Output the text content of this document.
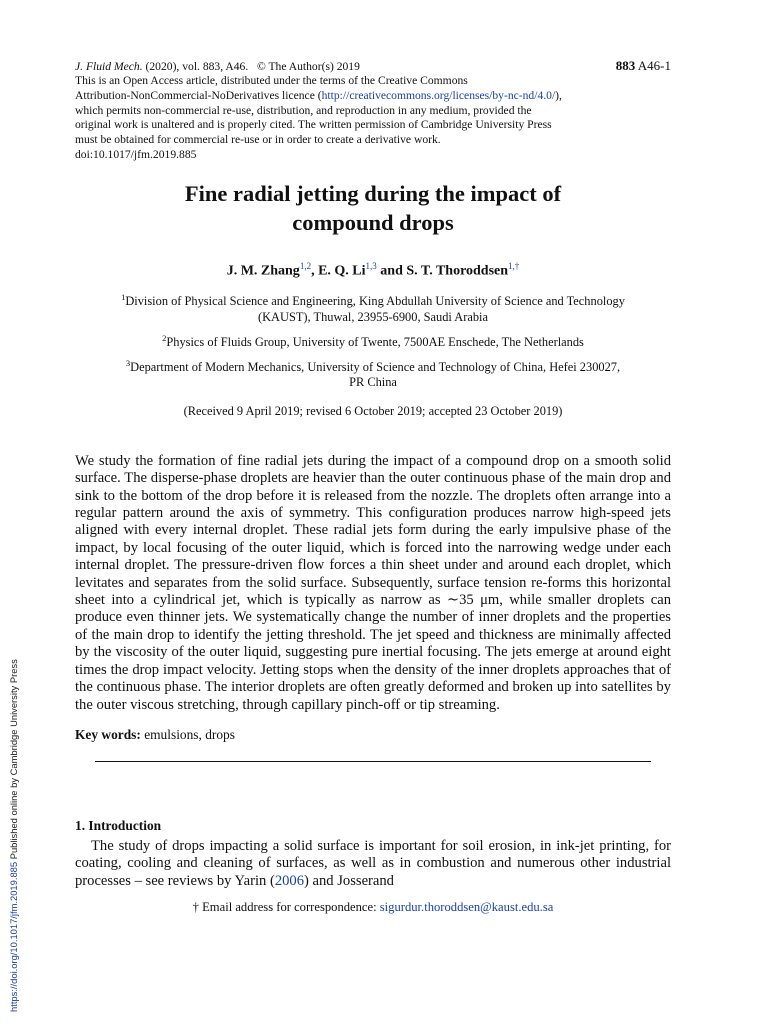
J. Fluid Mech. (2020), vol. 883, A46. © The Author(s) 2019	883 A46-1
This is an Open Access article, distributed under the terms of the Creative Commons
Attribution-NonCommercial-NoDerivatives licence (http://creativecommons.org/licenses/by-nc-nd/4.0/),
which permits non-commercial re-use, distribution, and reproduction in any medium, provided the
original work is unaltered and is properly cited. The written permission of Cambridge University Press
must be obtained for commercial re-use or in order to create a derivative work.
doi:10.1017/jfm.2019.885
Fine radial jetting during the impact of
compound drops
J. M. Zhang$^{1,2}$, E. Q. Li$^{1,3}$ and S. T. Thoroddsen$^{1,\dagger}$
$^1$Division of Physical Science and Engineering, King Abdullah University of Science and Technology
(KAUST), Thuwal, 23955-6900, Saudi Arabia
$^2$Physics of Fluids Group, University of Twente, 7500AE Enschede, The Netherlands
$^3$Department of Modern Mechanics, University of Science and Technology of China, Hefei 230027,
PR China
(Received 9 April 2019; revised 6 October 2019; accepted 23 October 2019)
We study the formation of fine radial jets during the impact of a compound drop on a smooth solid surface. The disperse-phase droplets are heavier than the outer continuous phase of the main drop and sink to the bottom of the drop before it is released from the nozzle. The droplets often arrange into a regular pattern around the axis of symmetry. This configuration produces narrow high-speed jets aligned with every internal droplet. These radial jets form during the early impulsive phase of the impact, by local focusing of the outer liquid, which is forced into the narrowing wedge under each internal droplet. The pressure-driven flow forces a thin sheet under and around each droplet, which levitates and separates from the solid surface. Subsequently, surface tension re-forms this horizontal sheet into a cylindrical jet, which is typically as narrow as ∼35 μm, while smaller droplets can produce even thinner jets. We systematically change the number of inner droplets and the properties of the main drop to identify the jetting threshold. The jet speed and thickness are minimally affected by the viscosity of the outer liquid, suggesting pure inertial focusing. The jets emerge at around eight times the drop impact velocity. Jetting stops when the density of the inner droplets approaches that of the continuous phase. The interior droplets are often greatly deformed and broken up into satellites by the outer viscous stretching, through capillary pinch-off or tip streaming.
Key words: emulsions, drops
1. Introduction
The study of drops impacting a solid surface is important for soil erosion, in ink-jet printing, for coating, cooling and cleaning of surfaces, as well as in combustion and numerous other industrial processes – see reviews by Yarin (2006) and Josserand
† Email address for correspondence: sigurdur.thoroddsen@kaust.edu.sa
https://doi.org/10.1017/jfm.2019.885 Published online by Cambridge University Press
